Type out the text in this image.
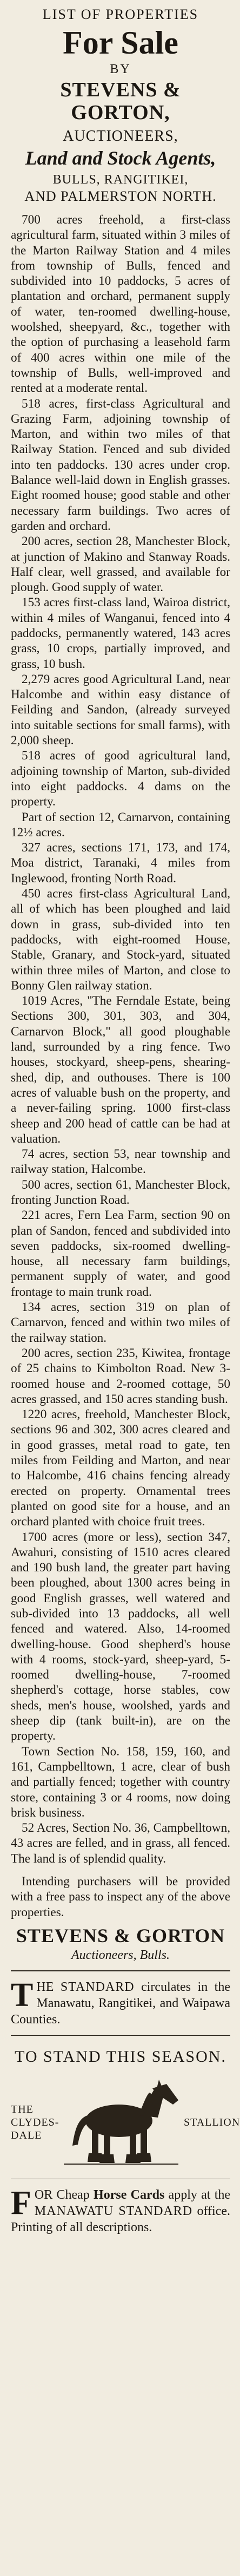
LIST OF PROPERTIES
For Sale
BY
STEVENS & GORTON,
AUCTIONEERS,
Land and Stock Agents,
BULLS, RANGITIKEI,
AND PALMERSTON NORTH.

700 acres freehold, a first-class agricultural farm, situated within 3 miles of the Marton Railway Station and 4 miles from township of Bulls, fenced and subdivided into 10 paddocks, 5 acres of plantation and orchard, permanent supply of water, ten-roomed dwelling-house, woolshed, sheepyard, &c., together with the option of purchasing a leasehold farm of 400 acres within one mile of the township of Bulls, well-improved and rented at a moderate rental.

518 acres, first-class Agricultural and Grazing Farm, adjoining township of Marton, and within two miles of that Railway Station. Fenced and sub divided into ten paddocks. 130 acres under crop. Balance well-laid down in English grasses. Eight roomed house; good stable and other necessary farm buildings. Two acres of garden and orchard.

200 acres, section 28, Manchester Block, at junction of Makino and Stanway Roads. Half clear, well grassed, and available for plough. Good supply of water.

153 acres first-class land, Wairoa district, within 4 miles of Wanganui, fenced into 4 paddocks, permanently watered, 143 acres grass, 10 crops, partially improved, and grass, 10 bush.

2,279 acres good Agricultural Land, near Halcombe and within easy distance of Feilding and Sandon, (already surveyed into suitable sections for small farms), with 2,000 sheep.

518 acres of good agricultural land, adjoining township of Marton, sub-divided into eight paddocks. 4 dams on the property.

Part of section 12, Carnarvon, containing 12½ acres.

327 acres, sections 171, 173, and 174, Moa district, Taranaki, 4 miles from Inglewood, fronting North Road.

450 acres first-class Agricultural Land, all of which has been ploughed and laid down in grass, sub-divided into ten paddocks, with eight-roomed House, Stable, Granary, and Stock-yard, situated within three miles of Marton, and close to Bonny Glen railway station.

1019 Acres, "The Ferndale Estate, being Sections 300, 301, 303, and 304, Carnarvon Block," all good ploughable land, surrounded by a ring fence. Two houses, stockyard, sheep-pens, shearing-shed, dip, and outhouses. There is 100 acres of valuable bush on the property, and a never-failing spring. 1000 first-class sheep and 200 head of cattle can be had at valuation.

74 acres, section 53, near township and railway station, Halcombe.

500 acres, section 61, Manchester Block, fronting Junction Road.

221 acres, Fern Lea Farm, section 90 on plan of Sandon, fenced and subdivided into seven paddocks, six-roomed dwelling-house, all necessary farm buildings, permanent supply of water, and good frontage to main trunk road.

134 acres, section 319 on plan of Carnarvon, fenced and within two miles of the railway station.

200 acres, section 235, Kiwitea, frontage of 25 chains to Kimbolton Road. New 3-roomed house and 2-roomed cottage, 50 acres grassed, and 150 acres standing bush.

1220 acres, freehold, Manchester Block, sections 96 and 302, 300 acres cleared and in good grasses, metal road to gate, ten miles from Feilding and Marton, and near to Halcombe, 416 chains fencing already erected on property. Ornamental trees planted on good site for a house, and an orchard planted with choice fruit trees.

1700 acres (more or less), section 347, Awahuri, consisting of 1510 acres cleared and 190 bush land, the greater part having been ploughed, about 1300 acres being in good English grasses, well watered and sub-divided into 13 paddocks, all well fenced and watered. Also, 14-roomed dwelling-house. Good shepherd's house with 4 rooms, stock-yard, sheep-yard, 5-roomed dwelling-house, 7-roomed shepherd's cottage, horse stables, cow sheds, men's house, woolshed, yards and sheep dip (tank built-in), are on the property.

Town Section No. 158, 159, 160, and 161, Campbelltown, 1 acre, clear of bush and partially fenced; together with country store, containing 3 or 4 rooms, now doing brisk business.

52 Acres, Section No. 36, Campbelltown, 43 acres are felled, and in grass, all fenced. The land is of splendid quality.

Intending purchasers will be provided with a free pass to inspect any of the above properties.

STEVENS & GORTON
Auctioneers, Bulls.
THE STANDARD circulates in the Manawatu, Rangitikei, and Waipawa Counties.
TO STAND THIS SEASON.
THE
CLYDES-
DALE
STALLION
FOR Cheap Horse Cards apply at the MANAWATU STANDARD office. Printing of all descriptions.
